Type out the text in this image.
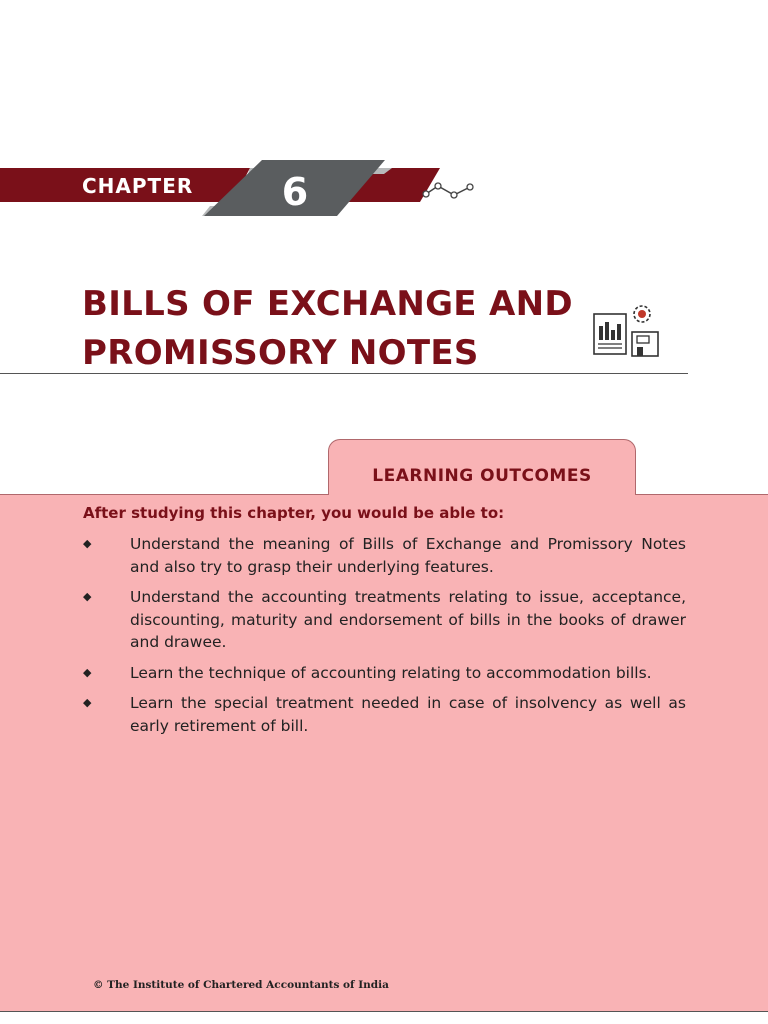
CHAPTER 6
BILLS OF EXCHANGE AND
PROMISSORY NOTES
LEARNING OUTCOMES
After studying this chapter, you would be able to:
◆ Understand the meaning of Bills of Exchange and Promissory Notes and also try to grasp their underlying features.
◆ Understand the accounting treatments relating to issue, acceptance, discounting, maturity and endorsement of bills in the books of drawer and drawee.
◆ Learn the technique of accounting relating to accommodation bills.
◆ Learn the special treatment needed in case of insolvency as well as early retirement of bill.
© The Institute of Chartered Accountants of India
